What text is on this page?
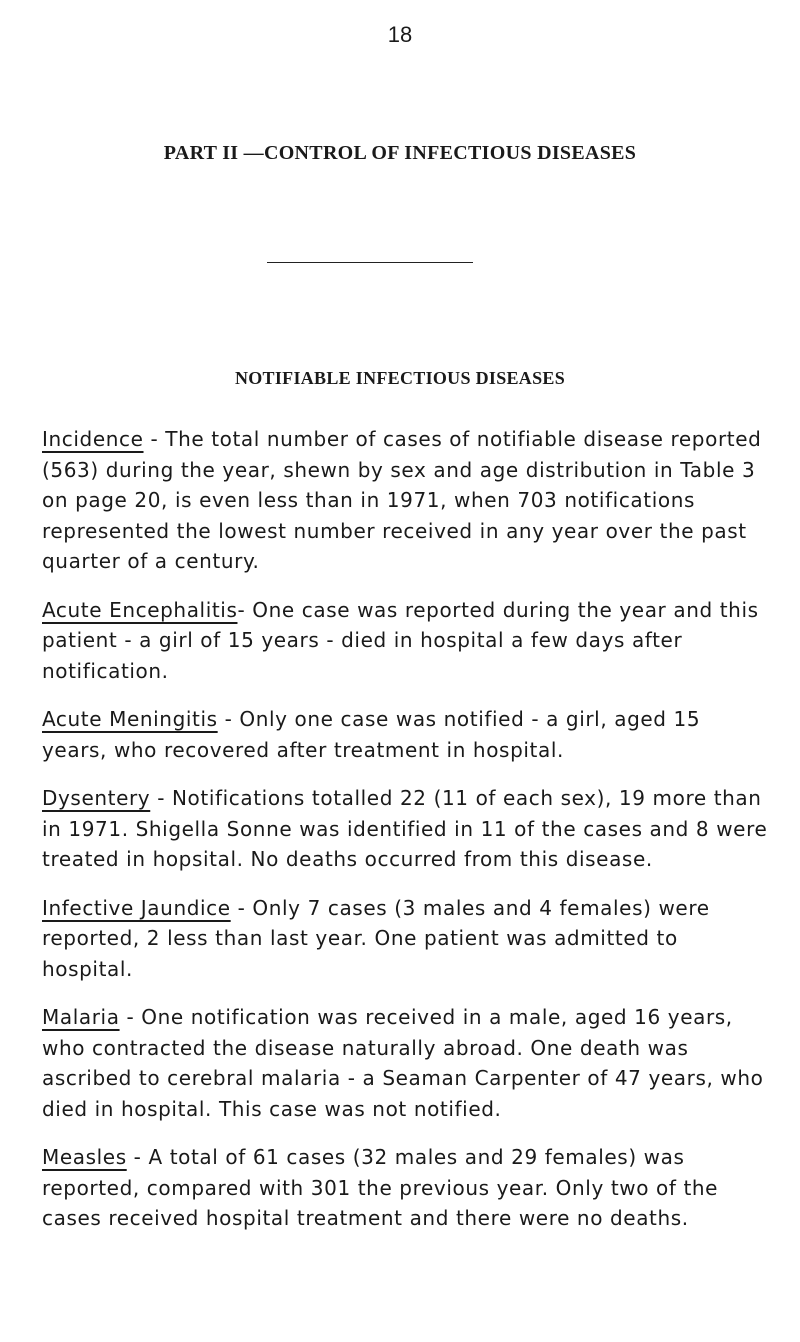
18
PART II —CONTROL OF INFECTIOUS DISEASES
NOTIFIABLE INFECTIOUS DISEASES

Incidence - The total number of cases of notifiable disease reported (563) during the year, shewn by sex and age distribution in Table 3 on page 20, is even less than in 1971, when 703 notifications represented the lowest number received in any year over the past quarter of a century.

Acute Encephalitis- One case was reported during the year and this patient - a girl of 15 years - died in hospital a few days after notification.

Acute Meningitis - Only one case was notified - a girl, aged 15 years, who recovered after treatment in hospital.

Dysentery - Notifications totalled 22 (11 of each sex), 19 more than in 1971. Shigella Sonne was identified in 11 of the cases and 8 were treated in hopsital. No deaths occurred from this disease.

Infective Jaundice - Only 7 cases (3 males and 4 females) were reported, 2 less than last year. One patient was admitted to hospital.

Malaria - One notification was received in a male, aged 16 years, who contracted the disease naturally abroad. One death was ascribed to cerebral malaria - a Seaman Carpenter of 47 years, who died in hospital. This case was not notified.

Measles - A total of 61 cases (32 males and 29 females) was reported, compared with 301 the previous year. Only two of the cases received hospital treatment and there were no deaths.
